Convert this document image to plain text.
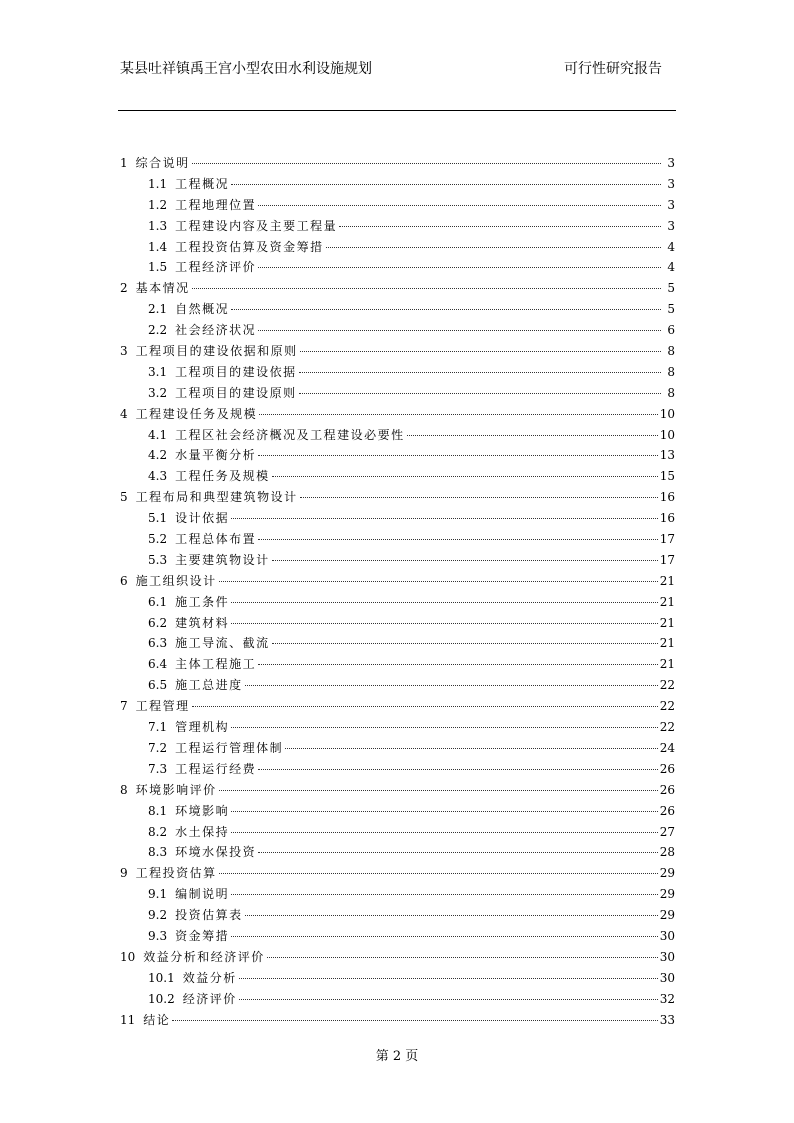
某县吐祥镇禹王宫小型农田水利设施规划	可行性研究报告
1 综合说明	3
1.1 工程概况	3
1.2 工程地理位置	3
1.3 工程建设内容及主要工程量	3
1.4 工程投资估算及资金筹措	4
1.5 工程经济评价	4
2 基本情况	5
2.1 自然概况	5
2.2 社会经济状况	6
3 工程项目的建设依据和原则	8
3.1 工程项目的建设依据	8
3.2 工程项目的建设原则	8
4 工程建设任务及规模	10
4.1 工程区社会经济概况及工程建设必要性	10
4.2 水量平衡分析	13
4.3 工程任务及规模	15
5 工程布局和典型建筑物设计	16
5.1 设计依据	16
5.2 工程总体布置	17
5.3 主要建筑物设计	17
6 施工组织设计	21
6.1 施工条件	21
6.2 建筑材料	21
6.3 施工导流、截流	21
6.4 主体工程施工	21
6.5 施工总进度	22
7 工程管理	22
7.1 管理机构	22
7.2 工程运行管理体制	24
7.3 工程运行经费	26
8 环境影响评价	26
8.1 环境影响	26
8.2 水土保持	27
8.3 环境水保投资	28
9 工程投资估算	29
9.1 编制说明	29
9.2 投资估算表	29
9.3 资金筹措	30
10 效益分析和经济评价	30
10.1 效益分析	30
10.2 经济评价	32
11 结论	33
第 2 页
